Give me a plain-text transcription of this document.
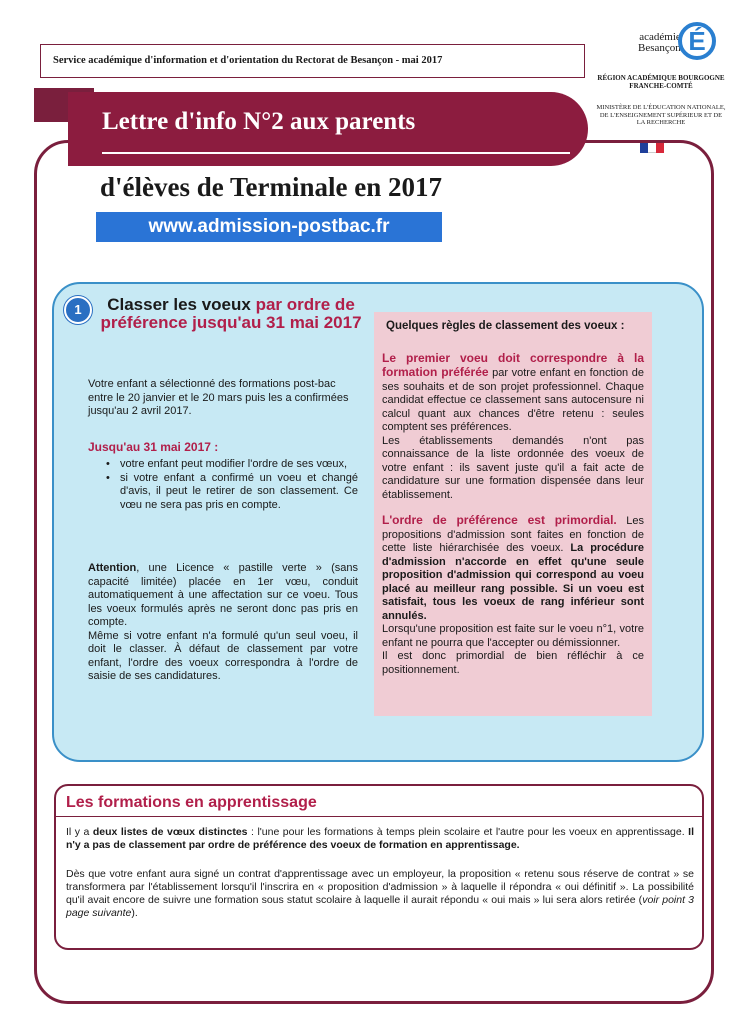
Service académique d'information et d'orientation du Rectorat de Besançon - mai 2017
académie
Besançon É
RÉGION ACADÉMIQUE BOURGOGNE FRANCHE-COMTÉ
MINISTÈRE DE L'ÉDUCATION NATIONALE, DE L'ENSEIGNEMENT SUPÉRIEUR ET DE LA RECHERCHE
Lettre d'info N°2 aux parents
d'élèves de Terminale en 2017
www.admission-postbac.fr
1	Classer les voeux par ordre de préférence jusqu'au 31 mai 2017
Votre enfant a sélectionné des formations post-bac entre le 20 janvier et le 20 mars puis les a confirmées jusqu'au 2 avril 2017.
Jusqu'au 31 mai 2017 :
• votre enfant peut modifier l'ordre de ses vœux,
• si votre enfant a confirmé un voeu et changé d'avis, il peut le retirer de son classement. Ce vœu ne sera pas pris en compte.
Attention, une Licence « pastille verte » (sans capacité limitée) placée en 1er vœu, conduit automatiquement à une affectation sur ce voeu. Tous les voeux formulés après ne seront donc pas pris en compte.
Même si votre enfant n'a formulé qu'un seul voeu, il doit le classer. À défaut de classement par votre enfant, l'ordre des voeux correspondra à l'ordre de saisie de ses candidatures.
Quelques règles de classement des voeux :

Le premier voeu doit correspondre à la formation préférée par votre enfant en fonction de ses souhaits et de son projet professionnel. Chaque candidat effectue ce classement sans autocensure ni calcul quant aux chances d'être retenu : seules comptent ses préférences.

Les établissements demandés n'ont pas connaissance de la liste ordonnée des voeux de votre enfant : ils savent juste qu'il a fait acte de candidature sur une formation dispensée dans leur établissement.

L'ordre de préférence est primordial. Les propositions d'admission sont faites en fonction de cette liste hiérarchisée des voeux. La procédure d'admission n'accorde en effet qu'une seule proposition d'admission qui correspond au voeu placé au meilleur rang possible. Si un voeu est satisfait, tous les voeux de rang inférieur sont annulés.

Lorsqu'une proposition est faite sur le voeu n°1, votre enfant ne pourra que l'accepter ou démissionner.

Il est donc primordial de bien réfléchir à ce positionnement.

Les formations en apprentissage
Il y a deux listes de vœux distinctes : l'une pour les formations à temps plein scolaire et l'autre pour les voeux en apprentissage. Il n'y a pas de classement par ordre de préférence des voeux de formation en apprentissage.
Dès que votre enfant aura signé un contrat d'apprentissage avec un employeur, la proposition « retenu sous réserve de contrat » se transformera par l'établissement lorsqu'il l'inscrira en « proposition d'admission » à laquelle il répondra « oui définitif ». La possibilité qu'il avait encore de suivre une formation sous statut scolaire à laquelle il aurait répondu « oui mais » lui sera alors retirée (voir point 3 page suivante).
